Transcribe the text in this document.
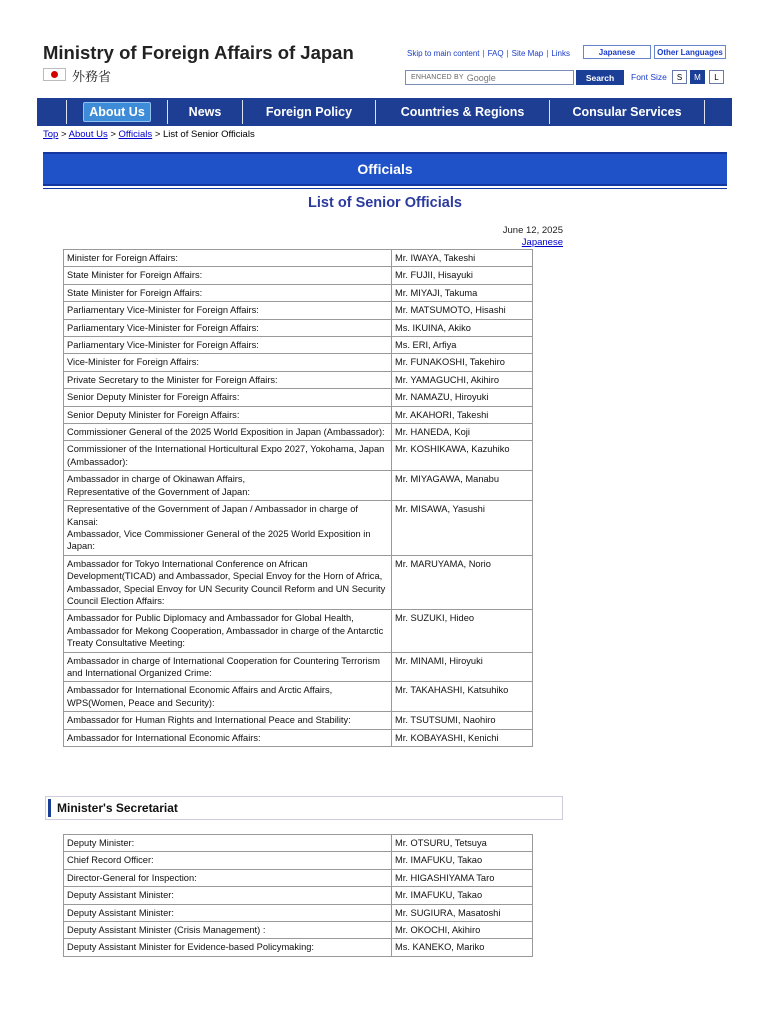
Ministry of Foreign Affairs of Japan
外務省
Skip to main content | FAQ | Site Map | Links	Japanese	Other Languages
ENHANCED BY Google	Search	Font Size	S	M	L
About Us	News	Foreign Policy	Countries & Regions	Consular Services
Top > About Us > Officials > List of Senior Officials
Officials
List of Senior Officials
June 12, 2025
Japanese
Minister for Foreign Affairs:	Mr. IWAYA, Takeshi
State Minister for Foreign Affairs:	Mr. FUJII, Hisayuki
State Minister for Foreign Affairs:	Mr. MIYAJI, Takuma
Parliamentary Vice-Minister for Foreign Affairs:	Mr. MATSUMOTO, Hisashi
Parliamentary Vice-Minister for Foreign Affairs:	Ms. IKUINA, Akiko
Parliamentary Vice-Minister for Foreign Affairs:	Ms. ERI, Arfiya
Vice-Minister for Foreign Affairs:	Mr. FUNAKOSHI, Takehiro
Private Secretary to the Minister for Foreign Affairs:	Mr. YAMAGUCHI, Akihiro
Senior Deputy Minister for Foreign Affairs:	Mr. NAMAZU, Hiroyuki
Senior Deputy Minister for Foreign Affairs:	Mr. AKAHORI, Takeshi
Commissioner General of the 2025 World Exposition in Japan (Ambassador):	Mr. HANEDA, Koji
Commissioner of the International Horticultural Expo 2027, Yokohama, Japan (Ambassador):	Mr. KOSHIKAWA, Kazuhiko
Ambassador in charge of Okinawan Affairs,
Representative of the Government of Japan:	Mr. MIYAGAWA, Manabu
Representative of the Government of Japan / Ambassador in charge of Kansai:
Ambassador, Vice Commissioner General of the 2025 World Exposition in Japan:	Mr. MISAWA, Yasushi
Ambassador for Tokyo International Conference on African Development(TICAD) and Ambassador, Special Envoy for the Horn of Africa, Ambassador, Special Envoy for UN Security Council Reform and UN Security Council Election Affairs:	Mr. MARUYAMA, Norio
Ambassador for Public Diplomacy and Ambassador for Global Health, Ambassador for Mekong Cooperation, Ambassador in charge of the Antarctic Treaty Consultative Meeting:	Mr. SUZUKI, Hideo
Ambassador in charge of International Cooperation for Countering Terrorism and International Organized Crime:	Mr. MINAMI, Hiroyuki
Ambassador for International Economic Affairs and Arctic Affairs, WPS(Women, Peace and Security):	Mr. TAKAHASHI, Katsuhiko
Ambassador for Human Rights and International Peace and Stability:	Mr. TSUTSUMI, Naohiro
Ambassador for International Economic Affairs:	Mr. KOBAYASHI, Kenichi
Minister's Secretariat
Deputy Minister:	Mr. OTSURU, Tetsuya
Chief Record Officer:	Mr. IMAFUKU, Takao
Director-General for Inspection:	Mr. HIGASHIYAMA Taro
Deputy Assistant Minister:	Mr. IMAFUKU, Takao
Deputy Assistant Minister:	Mr. SUGIURA, Masatoshi
Deputy Assistant Minister (Crisis Management) :	Mr. OKOCHI, Akihiro
Deputy Assistant Minister for Evidence-based Policymaking:	Ms. KANEKO, Mariko
